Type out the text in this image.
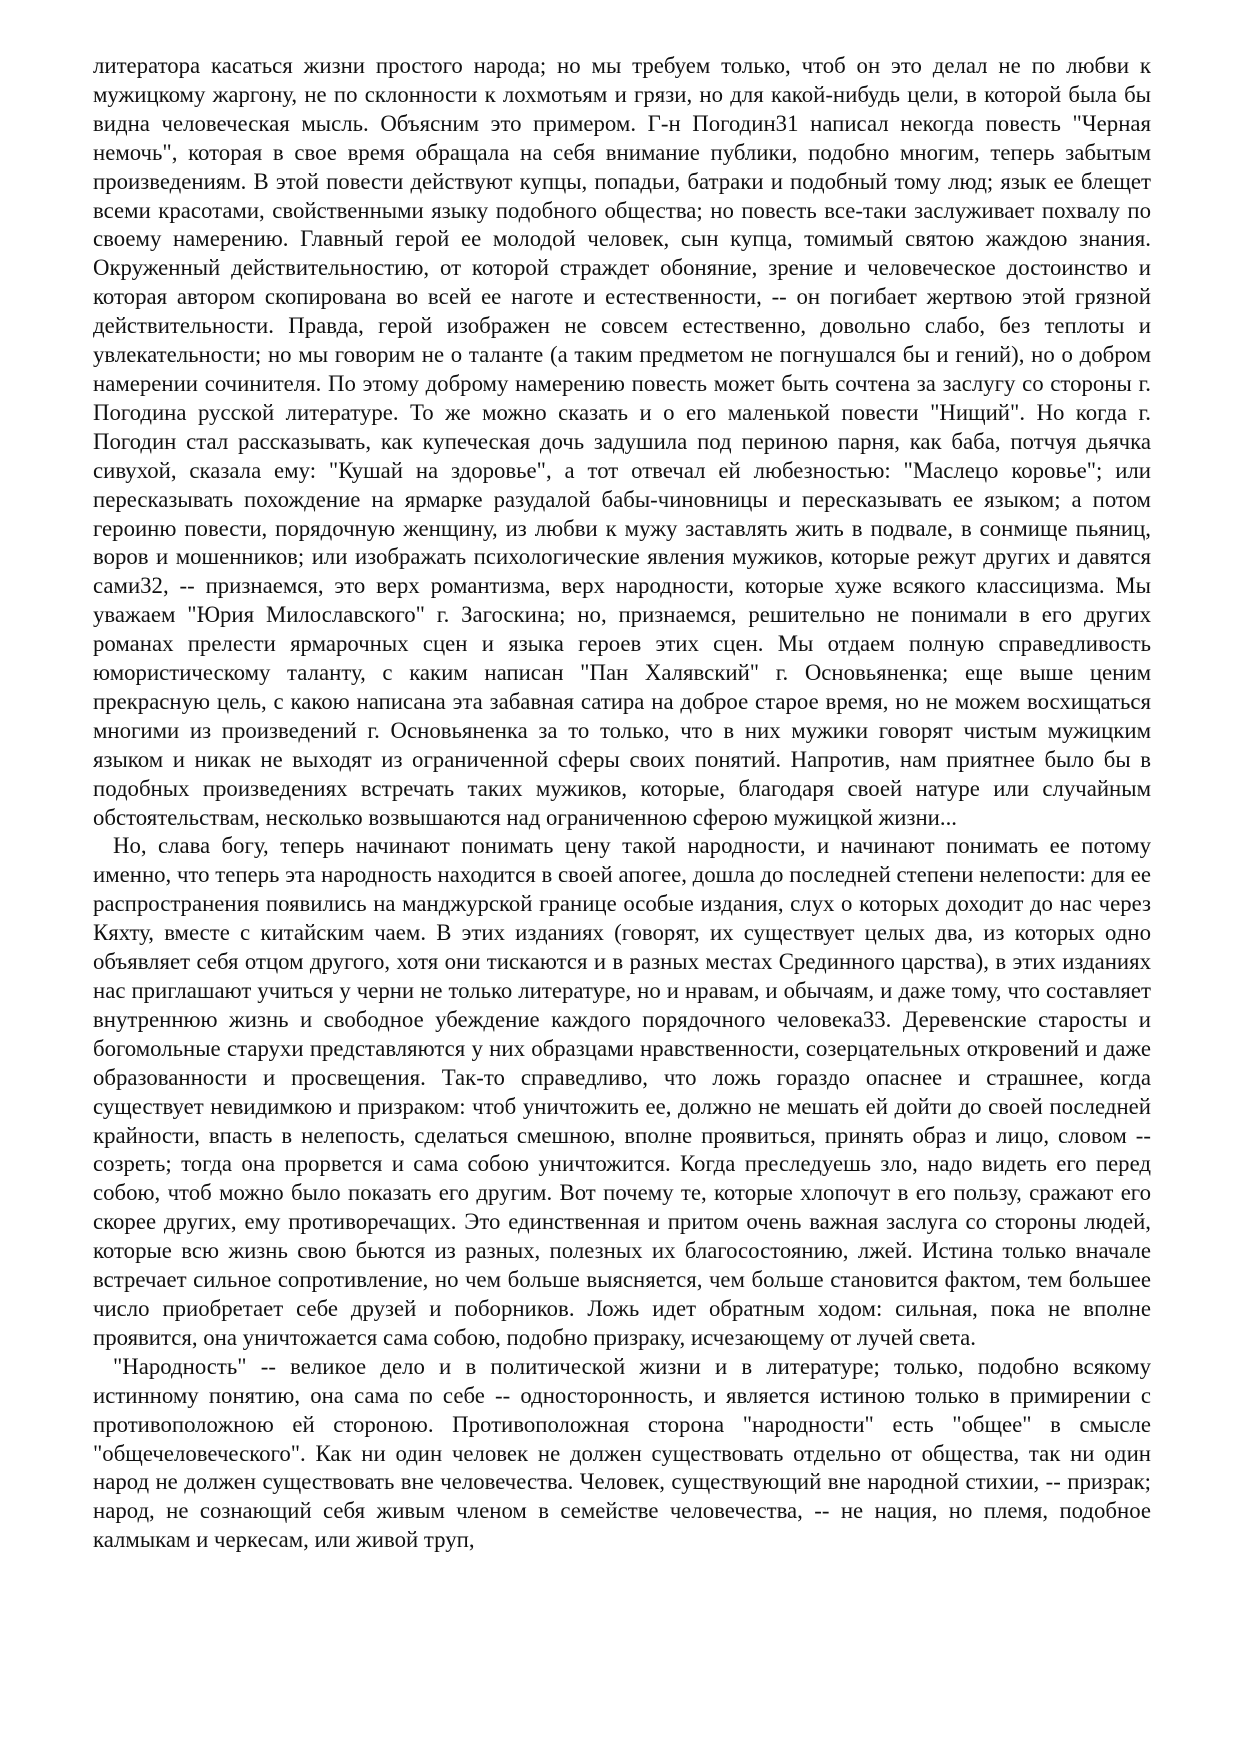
литератора касаться жизни простого народа; но мы требуем только, чтоб он это делал не по любви к мужицкому жаргону, не по склонности к лохмотьям и грязи, но для какой-нибудь цели, в которой была бы видна человеческая мысль. Объясним это примером. Г-н Погодин31 написал некогда повесть "Черная немочь", которая в свое время обращала на себя внимание публики, подобно многим, теперь забытым произведениям. В этой повести действуют купцы, попадьи, батраки и подобный тому люд; язык ее блещет всеми красотами, свойственными языку подобного общества; но повесть все-таки заслуживает похвалу по своему намерению. Главный герой ее молодой человек, сын купца, томимый святою жаждою знания. Окруженный действительностию, от которой страждет обоняние, зрение и человеческое достоинство и которая автором скопирована во всей ее наготе и естественности, -- он погибает жертвою этой грязной действительности. Правда, герой изображен не совсем естественно, довольно слабо, без теплоты и увлекательности; но мы говорим не о таланте (а таким предметом не погнушался бы и гений), но о добром намерении сочинителя. По этому доброму намерению повесть может быть сочтена за заслугу со стороны г. Погодина русской литературе. То же можно сказать и о его маленькой повести "Нищий". Но когда г. Погодин стал рассказывать, как купеческая дочь задушила под периною парня, как баба, потчуя дьячка сивухой, сказала ему: "Кушай на здоровье", а тот отвечал ей любезностью: "Маслецо коровье"; или пересказывать похождение на ярмарке разудалой бабы-чиновницы и пересказывать ее языком; а потом героиню повести, порядочную женщину, из любви к мужу заставлять жить в подвале, в сонмище пьяниц, воров и мошенников; или изображать психологические явления мужиков, которые режут других и давятся сами32, -- признаемся, это верх романтизма, верх народности, которые хуже всякого классицизма. Мы уважаем "Юрия Милославского" г. Загоскина; но, признаемся, решительно не понимали в его других романах прелести ярмарочных сцен и языка героев этих сцен. Мы отдаем полную справедливость юмористическому таланту, с каким написан "Пан Халявский" г. Основьяненка; еще выше ценим прекрасную цель, с какою написана эта забавная сатира на доброе старое время, но не можем восхищаться многими из произведений г. Основьяненка за то только, что в них мужики говорят чистым мужицким языком и никак не выходят из ограниченной сферы своих понятий. Напротив, нам приятнее было бы в подобных произведениях встречать таких мужиков, которые, благодаря своей натуре или случайным обстоятельствам, несколько возвышаются над ограниченною сферою мужицкой жизни...

Но, слава богу, теперь начинают понимать цену такой народности, и начинают понимать ее потому именно, что теперь эта народность находится в своей апогее, дошла до последней степени нелепости: для ее распространения появились на манджурской границе особые издания, слух о которых доходит до нас через Кяхту, вместе с китайским чаем. В этих изданиях (говорят, их существует целых два, из которых одно объявляет себя отцом другого, хотя они тискаются и в разных местах Срединного царства), в этих изданиях нас приглашают учиться у черни не только литературе, но и нравам, и обычаям, и даже тому, что составляет внутреннюю жизнь и свободное убеждение каждого порядочного человека33. Деревенские старосты и богомольные старухи представляются у них образцами нравственности, созерцательных откровений и даже образованности и просвещения. Так-то справедливо, что ложь гораздо опаснее и страшнее, когда существует невидимкою и призраком: чтоб уничтожить ее, должно не мешать ей дойти до своей последней крайности, впасть в нелепость, сделаться смешною, вполне проявиться, принять образ и лицо, словом -- созреть; тогда она прорвется и сама собою уничтожится. Когда преследуешь зло, надо видеть его перед собою, чтоб можно было показать его другим. Вот почему те, которые хлопочут в его пользу, сражают его скорее других, ему противоречащих. Это единственная и притом очень важная заслуга со стороны людей, которые всю жизнь свою бьются из разных, полезных их благосостоянию, лжей. Истина только вначале встречает сильное сопротивление, но чем больше выясняется, чем больше становится фактом, тем большее число приобретает себе друзей и поборников. Ложь идет обратным ходом: сильная, пока не вполне проявится, она уничтожается сама собою, подобно призраку, исчезающему от лучей света.

"Народность" -- великое дело и в политической жизни и в литературе; только, подобно всякому истинному понятию, она сама по себе -- односторонность, и является истиною только в примирении с противоположною ей стороною. Противоположная сторона "народности" есть "общее" в смысле "общечеловеческого". Как ни один человек не должен существовать отдельно от общества, так ни один народ не должен существовать вне человечества. Человек, существующий вне народной стихии, -- призрак; народ, не сознающий себя живым членом в семействе человечества, -- не нация, но племя, подобное калмыкам и черкесам, или живой труп,
